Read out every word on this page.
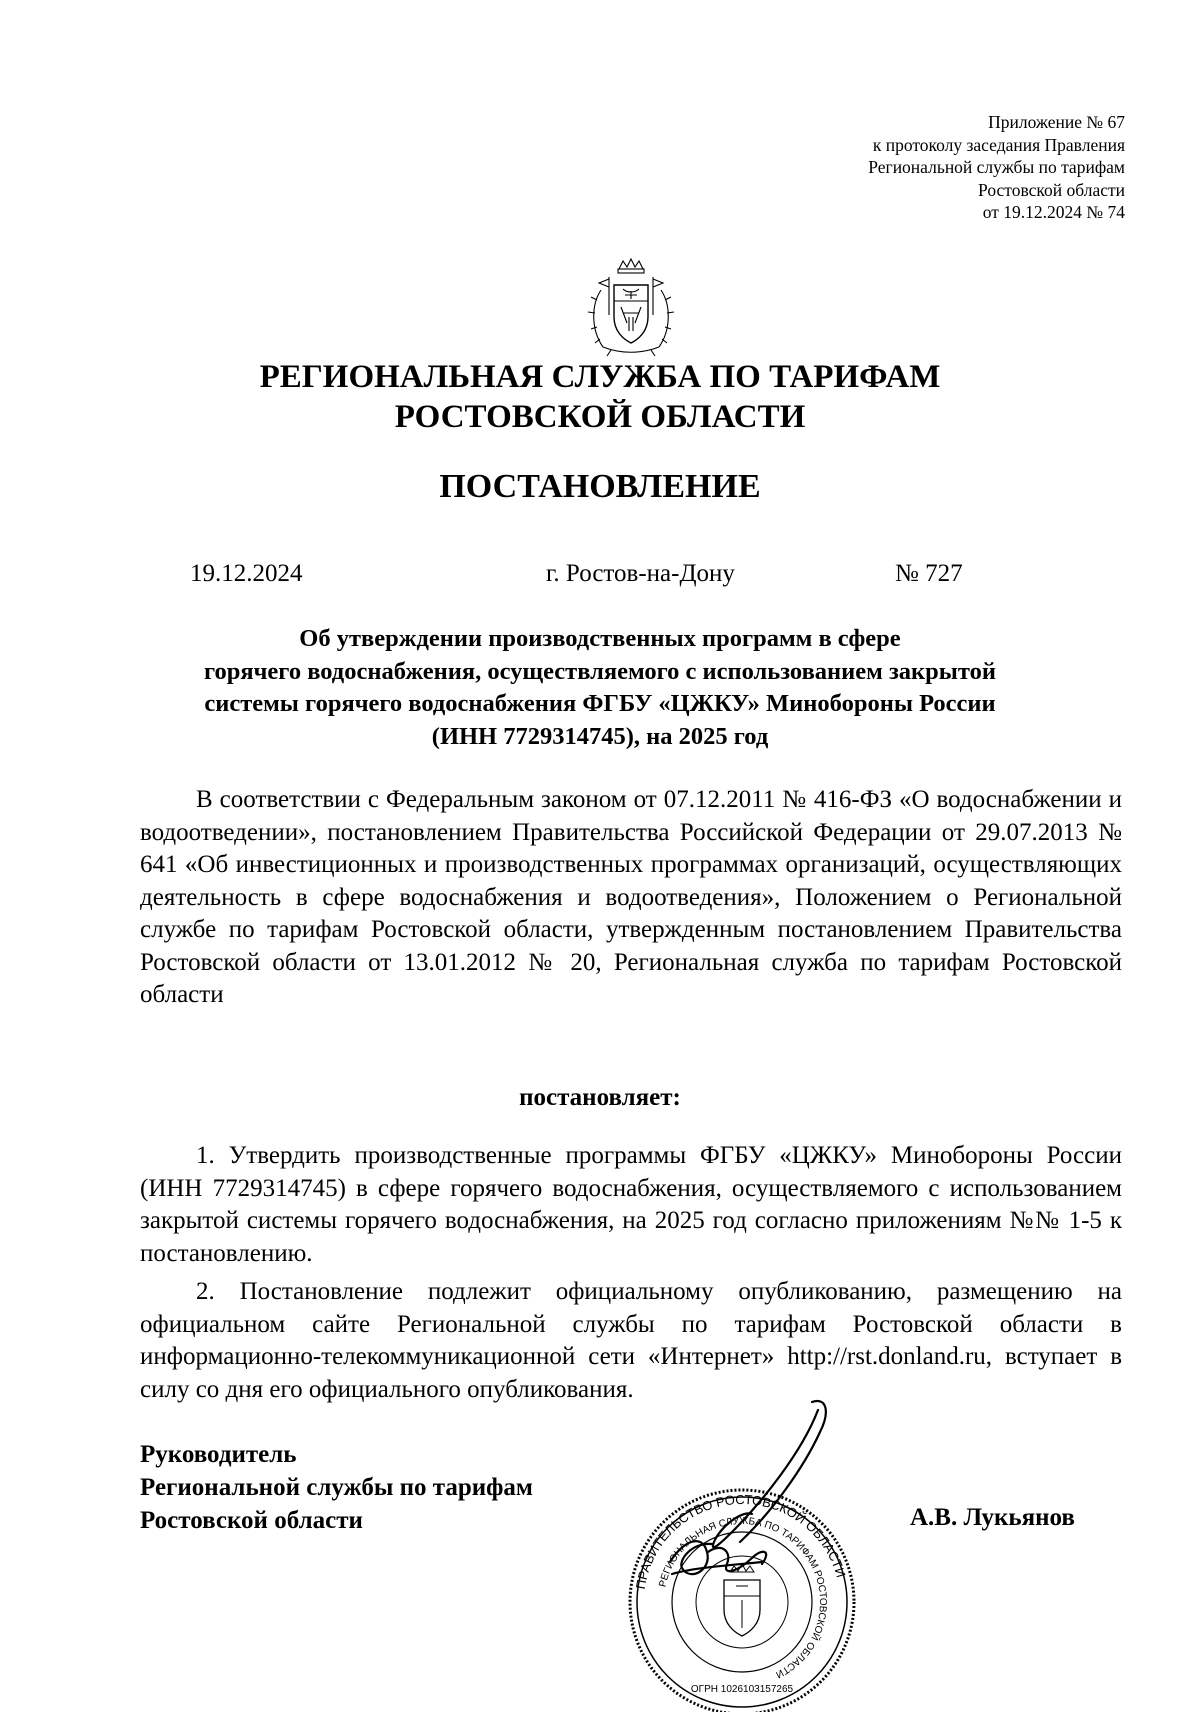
Приложение № 67
к протоколу заседания Правления
Региональной службы по тарифам
Ростовской области
от 19.12.2024 № 74
РЕГИОНАЛЬНАЯ СЛУЖБА ПО ТАРИФАМ
РОСТОВСКОЙ ОБЛАСТИ
ПОСТАНОВЛЕНИЕ
19.12.2024	г. Ростов-на-Дону	№ 727
Об утверждении производственных программ в сфере
горячего водоснабжения, осуществляемого с использованием закрытой
системы горячего водоснабжения ФГБУ «ЦЖКУ» Минобороны России
(ИНН 7729314745), на 2025 год

В соответствии с Федеральным законом от 07.12.2011 № 416-ФЗ «О водоснабжении и водоотведении», постановлением Правительства Российской Федерации от 29.07.2013 № 641 «Об инвестиционных и производственных программах организаций, осуществляющих деятельность в сфере водоснабжения и водоотведения», Положением о Региональной службе по тарифам Ростовской области, утвержденным постановлением Правительства Ростовской области от 13.01.2012 № 20, Региональная служба по тарифам Ростовской области

постановляет:

1. Утвердить производственные программы ФГБУ «ЦЖКУ» Минобороны России (ИНН 7729314745) в сфере горячего водоснабжения, осуществляемого с использованием закрытой системы горячего водоснабжения, на 2025 год согласно приложениям №№ 1-5 к постановлению.

2. Постановление подлежит официальному опубликованию, размещению на официальном сайте Региональной службы по тарифам Ростовской области в информационно-телекоммуникационной сети «Интернет» http://rst.donland.ru, вступает в силу со дня его официального опубликования.

Руководитель
Региональной службы по тарифам
Ростовской области	А.В. Лукьянов
ПРАВИТЕЛЬСТВО РОСТОВСКОЙ ОБЛАСТИ
РЕГИОНАЛЬНАЯ СЛУЖБА ПО ТАРИФАМ РОСТОВСКОЙ ОБЛАСТИ
ОГРН 1026103157265
